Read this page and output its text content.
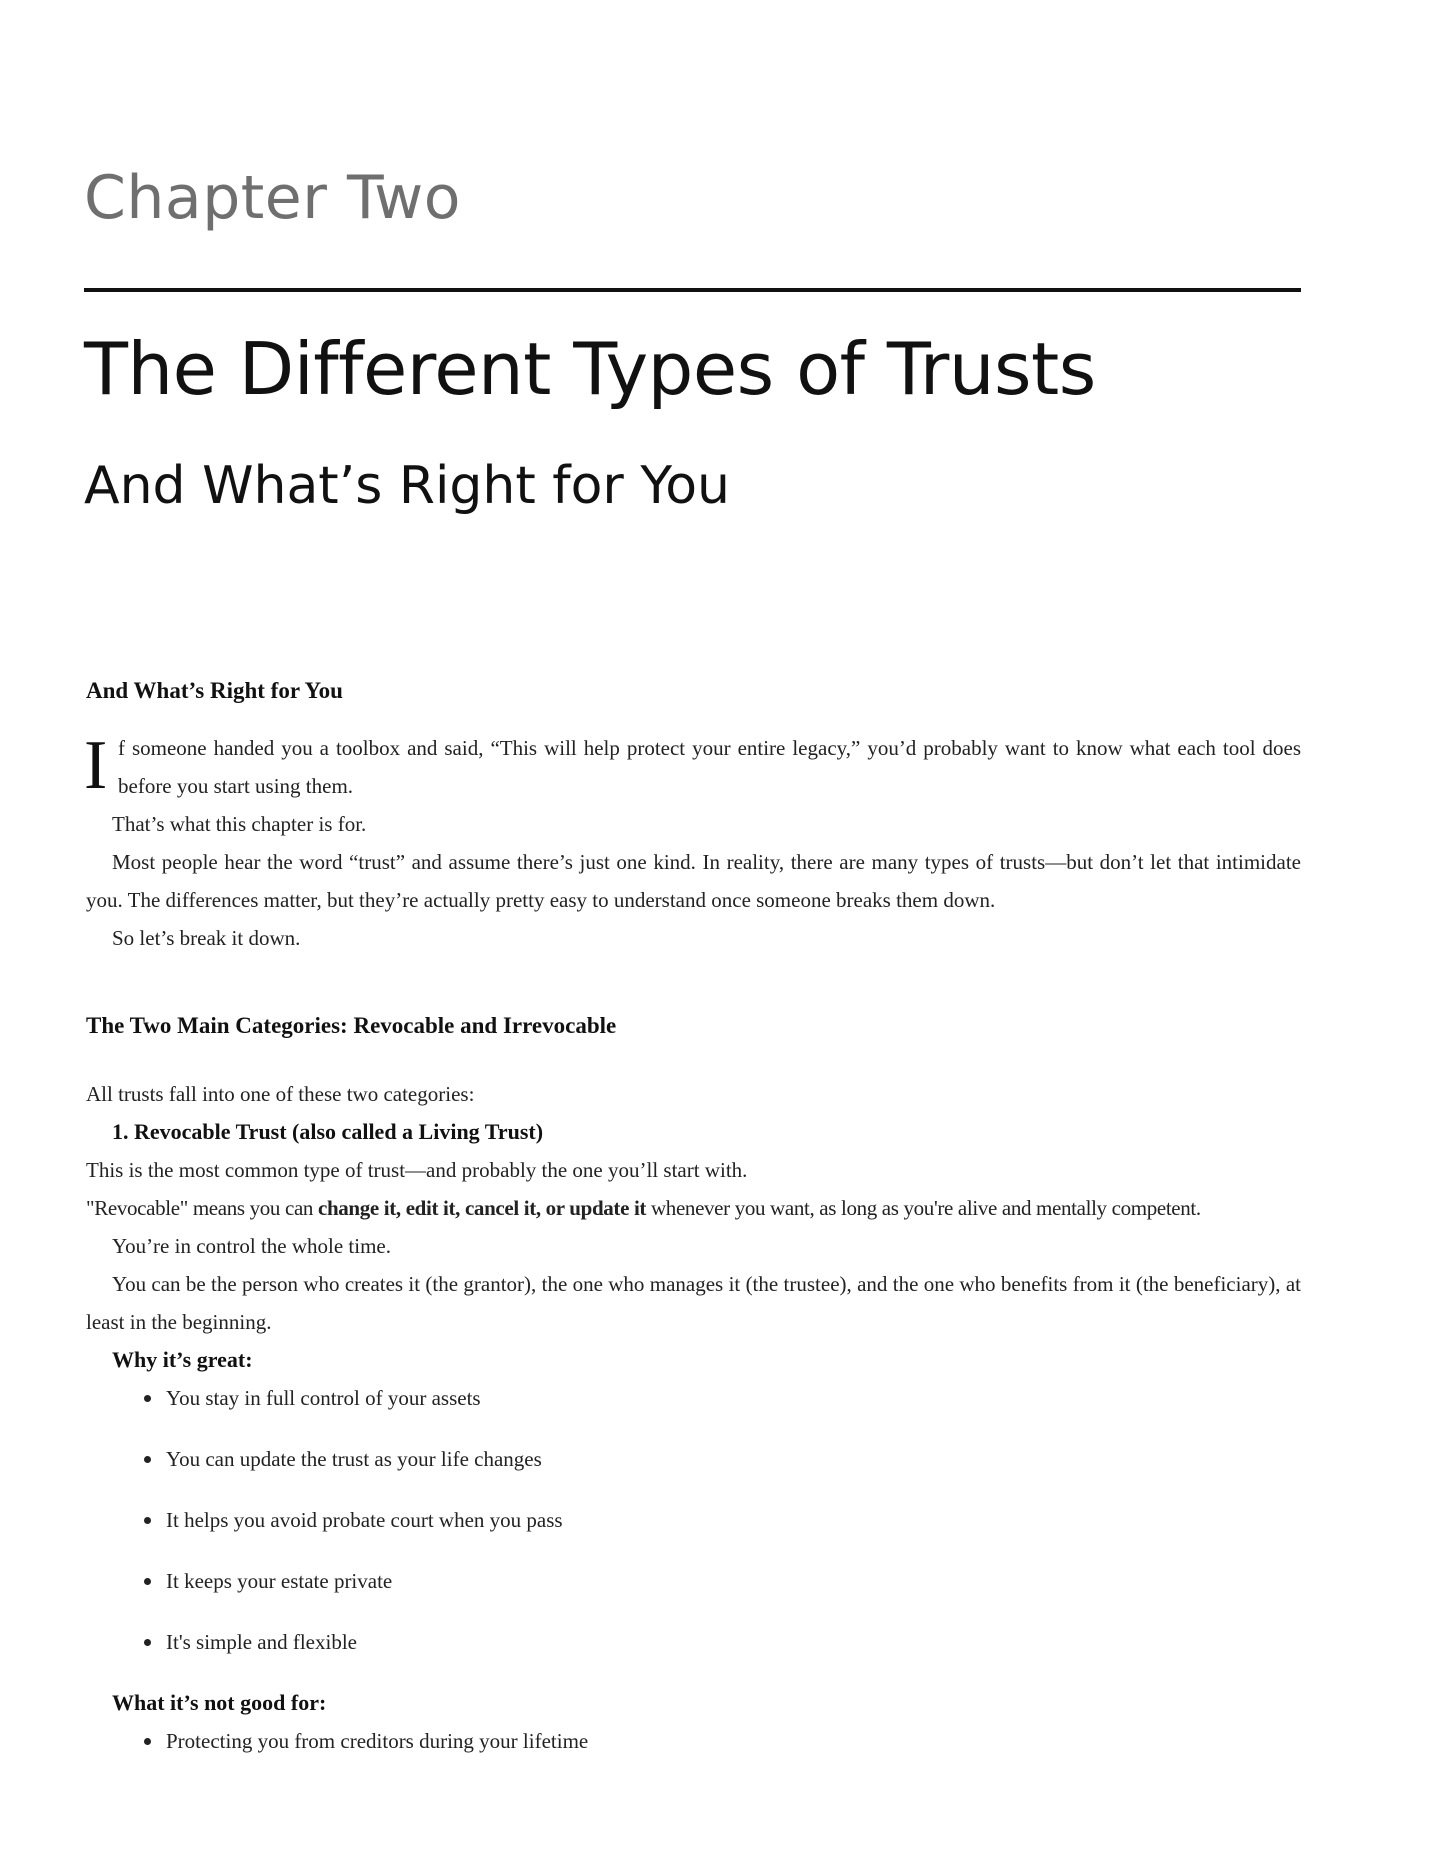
Chapter Two
The Different Types of Trusts
And What’s Right for You

And What’s Right for You

I f someone handed you a toolbox and said, “This will help protect your entire legacy,” you’d probably want to know what each tool does before you start using them.

That’s what this chapter is for.

Most people hear the word “trust” and assume there’s just one kind. In reality, there are many types of trusts—but don’t let that intimidate you. The differences matter, but they’re actually pretty easy to understand once someone breaks them down.

So let’s break it down.

The Two Main Categories: Revocable and Irrevocable

All trusts fall into one of these two categories:

1. Revocable Trust (also called a Living Trust)

This is the most common type of trust—and probably the one you’ll start with.

"Revocable" means you can change it, edit it, cancel it, or update it whenever you want, as long as you're alive and mentally competent.

You’re in control the whole time.

You can be the person who creates it (the grantor), the one who manages it (the trustee), and the one who benefits from it (the beneficiary), at least in the beginning.

Why it’s great:

You stay in full control of your assets
You can update the trust as your life changes
It helps you avoid probate court when you pass
It keeps your estate private
It's simple and flexible

What it’s not good for:

Protecting you from creditors during your lifetime
